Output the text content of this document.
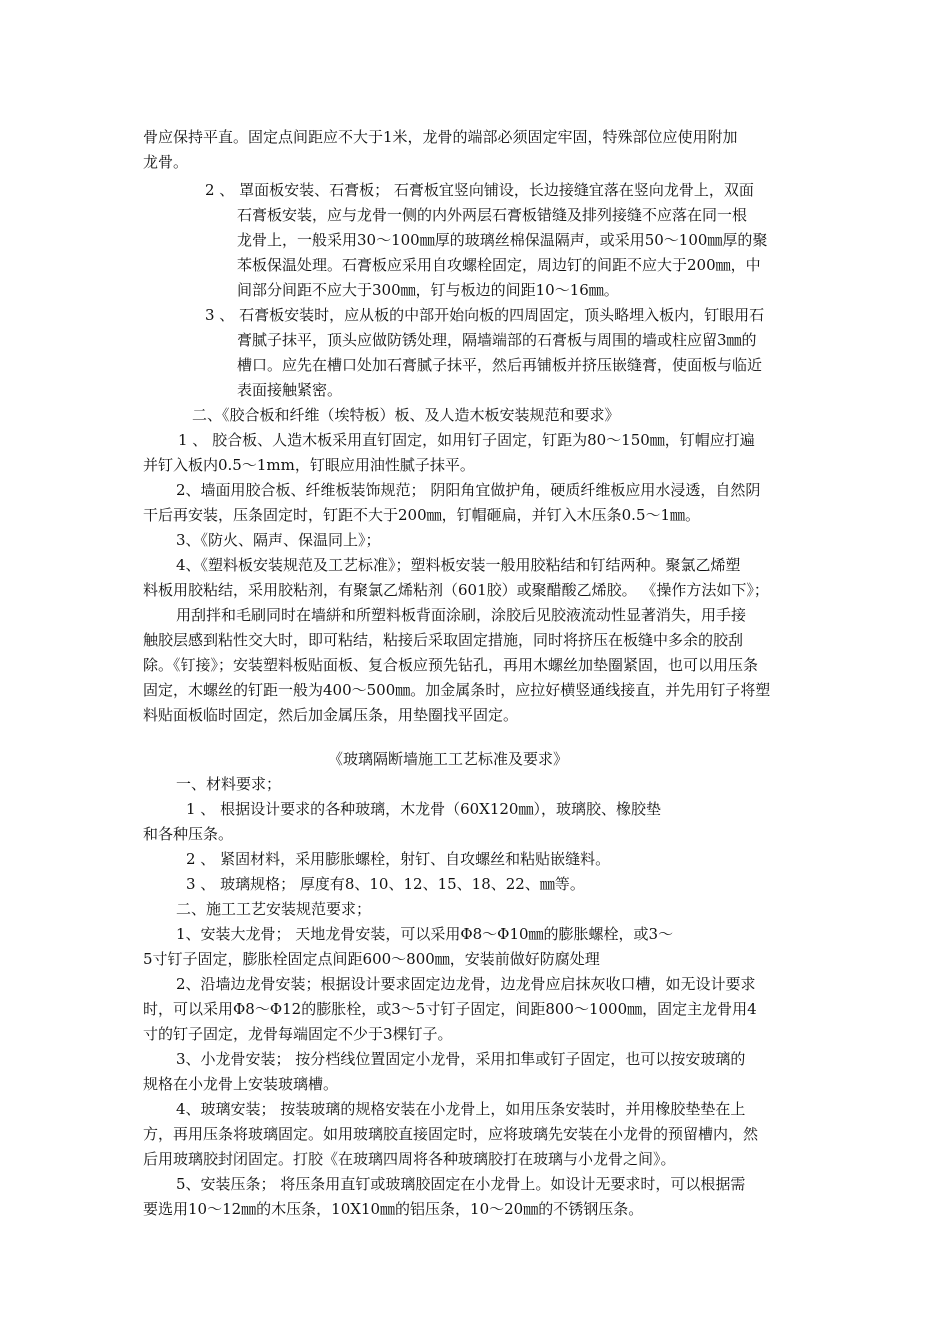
骨应保持平直。固定点间距应不大于1米，龙骨的端部必须固定牢固，特殊部位应使用附加
龙骨。
2 、 罩面板安装、石膏板； 石膏板宜竖向铺设，长边接缝宜落在竖向龙骨上，双面
石膏板安装，应与龙骨一侧的内外两层石膏板错缝及排列接缝不应落在同一根
龙骨上，一般采用30～100㎜厚的玻璃丝棉保温隔声，或采用50～100㎜厚的聚
苯板保温处理。石膏板应采用自攻螺栓固定，周边钉的间距不应大于200㎜，中
间部分间距不应大于300㎜，钉与板边的间距10～16㎜。
3 、 石膏板安装时，应从板的中部开始向板的四周固定，顶头略埋入板内，钉眼用石
膏腻子抹平，顶头应做防锈处理，隔墙端部的石膏板与周围的墙或柱应留3㎜的
槽口。应先在槽口处加石膏腻子抹平，然后再铺板并挤压嵌缝膏，使面板与临近
表面接触紧密。
二、《胶合板和纤维（埃特板）板、及人造木板安装规范和要求》
1 、 胶合板、人造木板采用直钉固定，如用钉子固定，钉距为80～150㎜，钉帽应打遍
并钉入板内0.5～1mm，钉眼应用油性腻子抹平。
2、墙面用胶合板、纤维板装饰规范； 阴阳角宜做护角，硬质纤维板应用水浸透，自然阴
干后再安装，压条固定时，钉距不大于200㎜，钉帽砸扁，并钉入木压条0.5～1㎜。
3、《防火、隔声、保温同上》；
4、《塑料板安装规范及工艺标准》；塑料板安装一般用胶粘结和钉结两种。聚氯乙烯塑
料板用胶粘结，采用胶粘剂，有聚氯乙烯粘剂（601胶）或聚醋酸乙烯胶。 《操作方法如下》；
用刮拌和毛刷同时在墙絣和所塑料板背面涂刷，涂胶后见胶液流动性显著消失，用手接
触胶层感到粘性交大时，即可粘结，粘接后采取固定措施，同时将挤压在板缝中多余的胶刮
除。《钉接》；安装塑料板贴面板、复合板应预先钻孔，再用木螺丝加垫圈紧固，也可以用压条
固定，木螺丝的钉距一般为400～500㎜。加金属条时，应拉好横竖通线接直，并先用钉子将塑
料贴面板临时固定，然后加金属压条，用垫圈找平固定。
《玻璃隔断墙施工工艺标准及要求》
一、材料要求；
1 、 根据设计要求的各种玻璃，木龙骨（60X120㎜），玻璃胶、橡胶垫
和各种压条。
2 、 紧固材料，采用膨胀螺栓，射钉、自攻螺丝和粘贴嵌缝料。
3 、 玻璃规格； 厚度有8、10、12、15、18、22、㎜等。
二、施工工艺安装规范要求；
1、安装大龙骨； 天地龙骨安装，可以采用Φ8～Φ10㎜的膨胀螺栓，或3～
5寸钉子固定，膨胀栓固定点间距600～800㎜，安装前做好防腐处理
2、沿墙边龙骨安装；根据设计要求固定边龙骨，边龙骨应启抹灰收口槽，如无设计要求
时，可以采用Φ8～Φ12的膨胀栓，或3～5寸钉子固定，间距800～1000㎜，固定主龙骨用4
寸的钉子固定，龙骨每端固定不少于3棵钉子。
3、小龙骨安装； 按分档线位置固定小龙骨，采用扣隼或钉子固定，也可以按安玻璃的
规格在小龙骨上安装玻璃槽。
4、玻璃安装； 按装玻璃的规格安装在小龙骨上，如用压条安装时，并用橡胶垫垫在上
方，再用压条将玻璃固定。如用玻璃胶直接固定时，应将玻璃先安装在小龙骨的预留槽内，然
后用玻璃胶封闭固定。打胶《在玻璃四周将各种玻璃胶打在玻璃与小龙骨之间》。
5、安装压条； 将压条用直钉或玻璃胶固定在小龙骨上。如设计无要求时，可以根据需
要选用10～12㎜的木压条，10X10㎜的铝压条，10～20㎜的不锈钢压条。
